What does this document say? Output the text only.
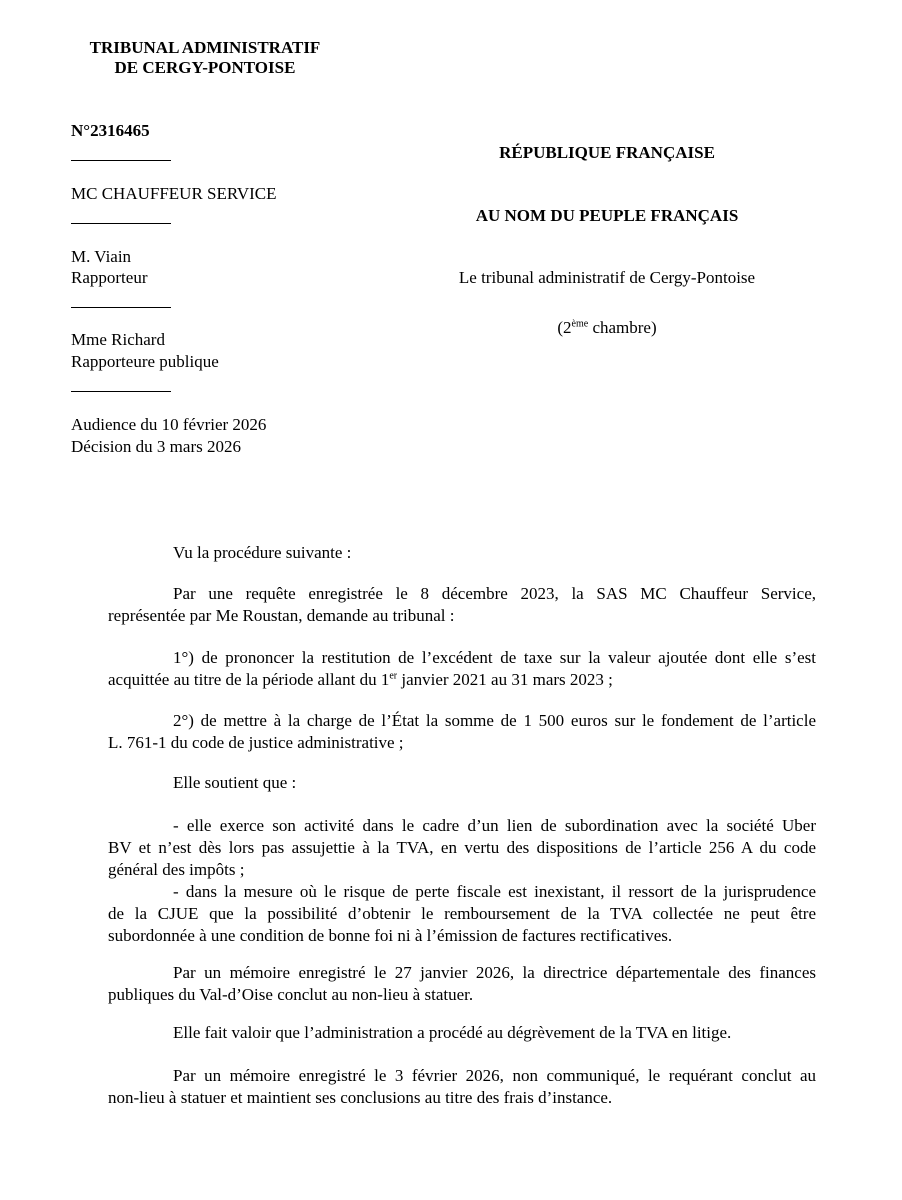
TRIBUNAL ADMINISTRATIF
DE CERGY-PONTOISE
N°2316465
MC CHAUFFEUR SERVICE
M. Viain
Rapporteur
Mme Richard
Rapporteure publique
Audience du 10 février 2026
Décision du 3 mars 2026
RÉPUBLIQUE FRANÇAISE
AU NOM DU PEUPLE FRANÇAIS
Le tribunal administratif de Cergy-Pontoise
(2ème chambre)
Vu la procédure suivante :
Par une requête enregistrée le 8 décembre 2023, la SAS MC Chauffeur Service,
représentée par Me Roustan, demande au tribunal :
1°) de prononcer la restitution de l’excédent de taxe sur la valeur ajoutée dont elle s’est
acquittée au titre de la période allant du 1er janvier 2021 au 31 mars 2023 ;
2°) de mettre à la charge de l’État la somme de 1 500 euros sur le fondement de l’article
L. 761-1 du code de justice administrative ;
Elle soutient que :
- elle exerce son activité dans le cadre d’un lien de subordination avec la société Uber
BV et n’est dès lors pas assujettie à la TVA, en vertu des dispositions de l’article 256 A du code
général des impôts ;
- dans la mesure où le risque de perte fiscale est inexistant, il ressort de la jurisprudence
de la CJUE que la possibilité d’obtenir le remboursement de la TVA collectée ne peut être
subordonnée à une condition de bonne foi ni à l’émission de factures rectificatives.
Par un mémoire enregistré le 27 janvier 2026, la directrice départementale des finances
publiques du Val-d’Oise conclut au non-lieu à statuer.
Elle fait valoir que l’administration a procédé au dégrèvement de la TVA en litige.
Par un mémoire enregistré le 3 février 2026, non communiqué, le requérant conclut au
non-lieu à statuer et maintient ses conclusions au titre des frais d’instance.
